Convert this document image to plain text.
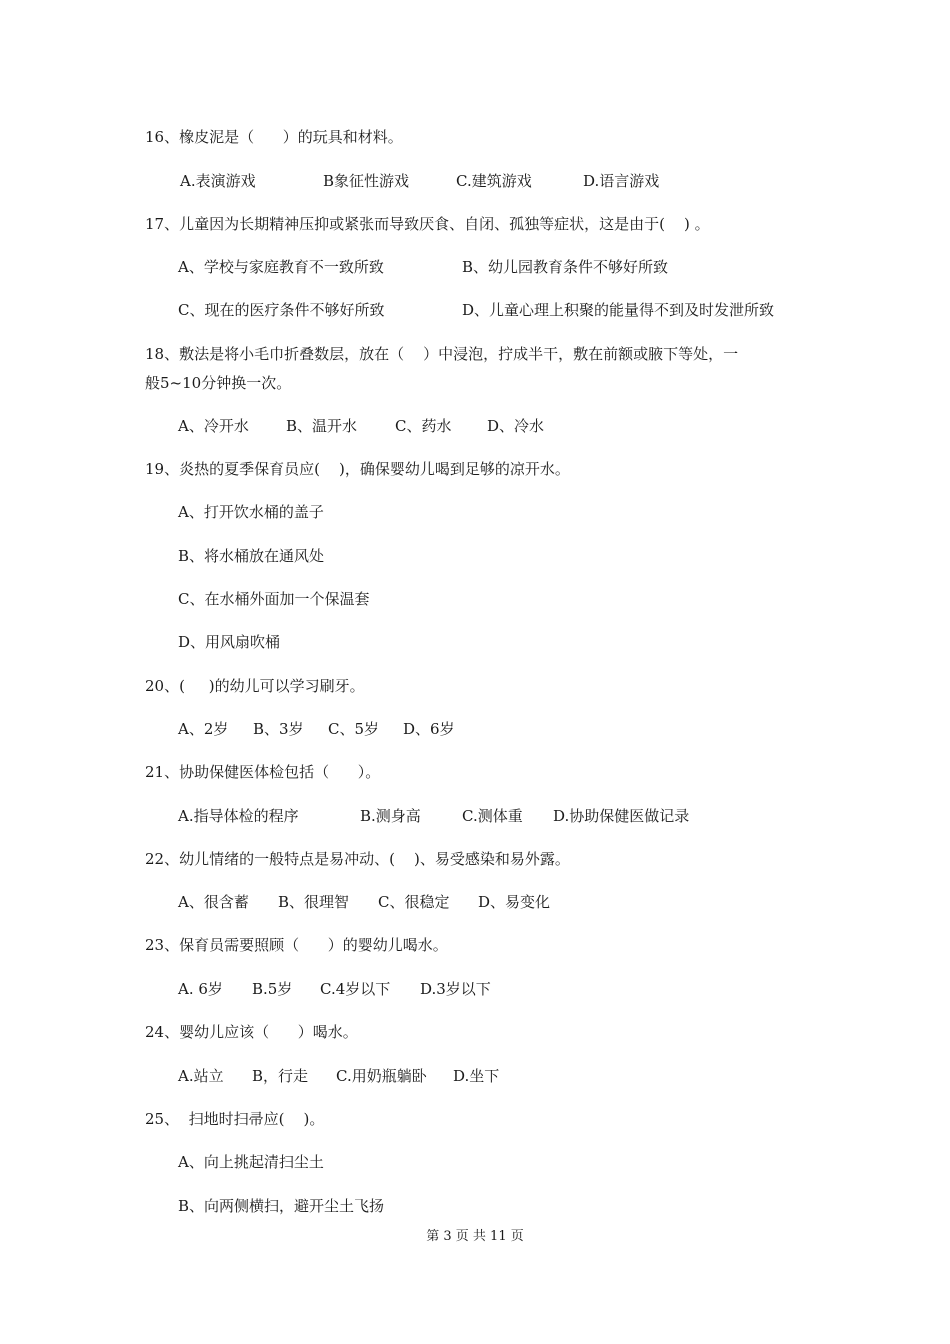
16、橡皮泥是（      ）的玩具和材料。
A.表演游戏	B象征性游戏	C.建筑游戏	D.语言游戏
17、儿童因为长期精神压抑或紧张而导致厌食、自闭、孤独等症状，这是由于(    ) 。
A、学校与家庭教育不一致所致	B、幼儿园教育条件不够好所致
C、现在的医疗条件不够好所致	D、儿童心理上积聚的能量得不到及时发泄所致
18、敷法是将小毛巾折叠数层，放在（    ）中浸泡，拧成半干，敷在前额或腋下等处，一
般5~10分钟换一次。
A、冷开水 B、温开水	C、药水 D、冷水
19、炎热的夏季保育员应(    )，确保婴幼儿喝到足够的凉开水。
A、打开饮水桶的盖子
B、将水桶放在通风处
C、在水桶外面加一个保温套
D、用风扇吹桶
20、(     )的幼儿可以学习刷牙。
A、2岁 B、3岁 C、5岁 D、6岁
21、协助保健医体检包括（      ）。
A.指导体检的程序	B.测身高	C.测体重 D.协助保健医做记录
22、幼儿情绪的一般特点是易冲动、(    )、易受感染和易外露。
A、很含蓄 B、很理智 C、很稳定 D、易变化
23、保育员需要照顾（      ）的婴幼儿喝水。
A. 6岁 B.5岁 C.4岁以下 D.3岁以下
24、婴幼儿应该（      ）喝水。
A.站立 B，行走 C.用奶瓶躺卧 D.坐下
25、  扫地时扫帚应(    )。
A、向上挑起清扫尘土
B、向两侧横扫，避开尘土飞扬
第 3 页 共 11 页
